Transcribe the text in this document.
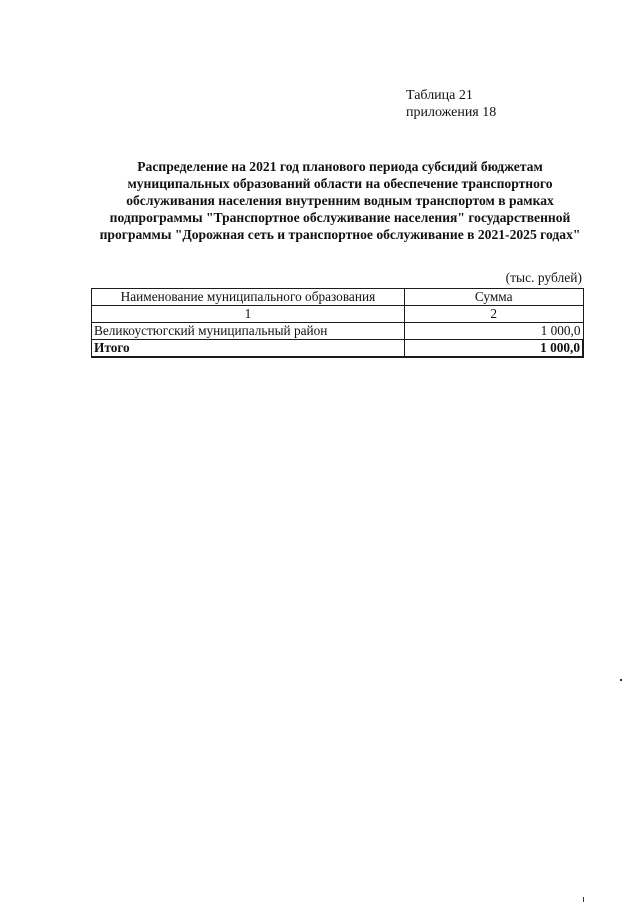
Таблица 21
приложения 18
Распределение на 2021 год планового периода субсидий бюджетам
муниципальных образований области на обеспечение транспортного
обслуживания населения внутренним водным транспортом в рамках
подпрограммы "Транспортное обслуживание населения" государственной
программы "Дорожная сеть и транспортное обслуживание в 2021-2025 годах"
(тыс. рублей)
Наименование муниципального образования	Сумма
1	2
Великоустюгский муниципальный район	1 000,0
Итого	1 000,0
